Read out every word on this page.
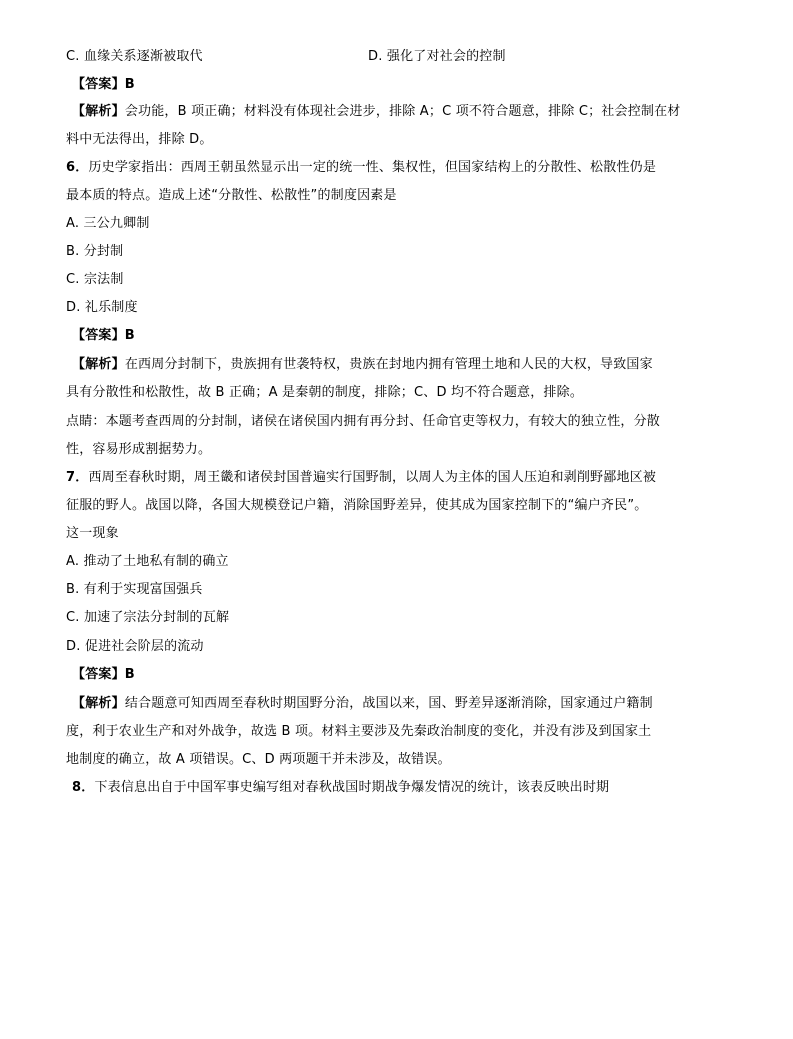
C. 血缘关系逐渐被取代	D. 强化了对社会的控制
【答案】B
【解析】会功能，B 项正确；材料没有体现社会进步，排除 A；C 项不符合题意，排除 C；社会控制在材
料中无法得出，排除 D。
6．历史学家指出：西周王朝虽然显示出一定的统一性、集权性，但国家结构上的分散性、松散性仍是
最本质的特点。造成上述“分散性、松散性”的制度因素是
A. 三公九卿制
B. 分封制
C. 宗法制
D. 礼乐制度
【答案】B
【解析】在西周分封制下，贵族拥有世袭特权，贵族在封地内拥有管理土地和人民的大权，导致国家
具有分散性和松散性，故 B 正确；A 是秦朝的制度，排除；C、D 均不符合题意，排除。
点睛：本题考查西周的分封制，诸侯在诸侯国内拥有再分封、任命官吏等权力，有较大的独立性，分散
性，容易形成割据势力。
7．西周至春秋时期，周王畿和诸侯封国普遍实行国野制，以周人为主体的国人压迫和剥削野鄙地区被
征服的野人。战国以降，各国大规模登记户籍，消除国野差异，使其成为国家控制下的“编户齐民”。
这一现象
A. 推动了土地私有制的确立
B. 有利于实现富国强兵
C. 加速了宗法分封制的瓦解
D. 促进社会阶层的流动
【答案】B
【解析】结合题意可知西周至春秋时期国野分治，战国以来，国、野差异逐渐消除，国家通过户籍制
度，利于农业生产和对外战争，故选 B 项。材料主要涉及先秦政治制度的变化，并没有涉及到国家土
地制度的确立，故 A 项错误。C、D 两项题干并未涉及，故错误。
8．下表信息出自于中国军事史编写组对春秋战国时期战争爆发情况的统计，该表反映出时期
